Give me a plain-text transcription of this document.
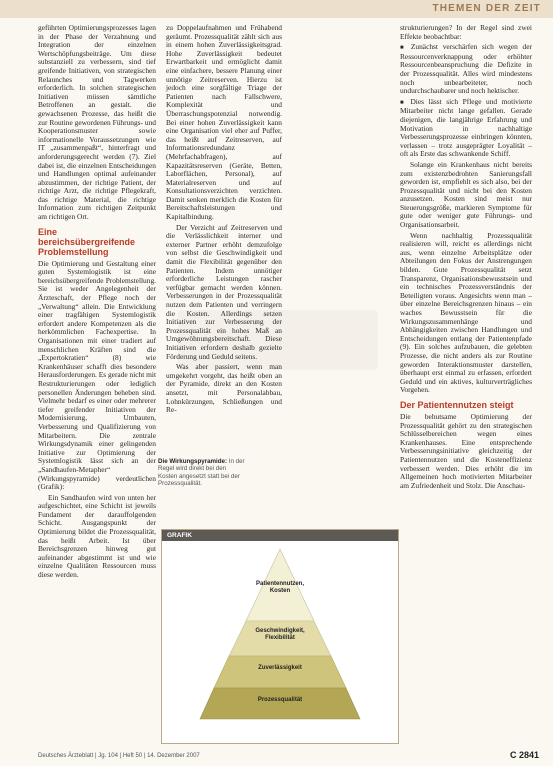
THEMEN DER ZEIT

geführten Optimierungsprozesses lagen in der Phase der Verzahnung und Integration der einzelnen Wertschöpfungsbeiträge. Um diese substanziell zu verbessern, sind tief greifende Initiativen, von strategischen Relaunches und Tagwerken erforderlich. In solchen strategischen Initiativen müssen sämtliche Betroffenen an gestalt. die gewachsenen Prozesse, das heißt die zur Routine gewordenen Führungs- und Kooperationsmuster sowie informationelle Voraussetzungen wie IT „zusammenpaßt“, hinterfragt und anforderungsgerecht werden (7). Ziel dabei ist, die einzelnen Entscheidungen und Handlungen optimal aufeinander abzustimmen, der richtige Patient, der richtige Arzt, die richtige Pflegekraft, das richtige Material, die richtige Information zum richtigen Zeitpunkt am richtigen Ort.

Eine bereichsübergreifende Problemstellung

Die Optimierung und Gestaltung einer guten Systemlogistik ist eine bereichsübergreifende Problemstellung. Sie ist weder Angelegenheit der Ärzteschaft, der Pflege noch der „Verwaltung“ allein. Die Entwicklung einer tragfähigen Systemlogistik erfordert andere Kompetenzen als die herkömmlichen Fachexpertise. In Organisationen mit einer tradiert auf menschlichen Kräften sind die „Expertokratien“ (8) wie Krankenhäuser schafft dies besondere Herausforderungen. Es gerade nicht mit Restrukturierungen oder lediglich personellen Änderungen beheben sind. Vielmehr bedarf es einer oder mehrerer tiefer greifender Initiativen der Modernisierung, Umbauten, Verbesserung und Qualifizierung von Mitarbeitern. Die zentrale Wirkungsdynamik einer gelingenden Initiative zur Optimierung der Systemlogistik lässt sich an der „Sandhaufen-Metapher“ (Wirkungspyramide) verdeutlichen (Grafik):

Ein Sandhaufen wird von unten her aufgeschichtet, eine Schicht ist jeweils Fundament der darauffolgenden Schicht. Ausgangspunkt der Optimierung bildet die Prozessqualität, das heißt Arbeit. Ist über Bereichsgrenzen hinweg gut aufeinander abgestimmt ist und wie einzelne Qualitäten Ressourcen muss diese werden.

zu Doppelaufnahmen und Frühabend geräumt. Prozessqualität zählt sich aus in einem hohen Zuverlässigkeitsgrad. Hohe Zuverlässigkeit bedeutet Erwartbarkeit und ermöglicht damit eine einfachere, bessere Planung einer unnötige Zeitreserven. Hierzu ist jedoch eine sorgfältige Triage der Patienten nach Fallschwere, Komplexität und Überraschungspotenzial notwendig. Bei einer hohen Zuverlässigkeit kann eine Organisation viel eher auf Puffer, das heißt auf Zeitreserven, auf Informationsredundanz (Mehrfachabfragen), auf Kapazitätsreserven (Geräte, Betten, Laborflächen, Personal), auf Materialreserven und auf Konsultationsverzichten verzichten. Damit senken merklich die Kosten für Bereitschaftsleistungen und Kapitalbindung.

Der Verzicht auf Zeitreserven und die Verlässlichkeit interner und externer Partner erhöht demzufolge von selbst die Geschwindigkeit und damit die Flexibilität gegenüber den Patienten. Indem unnötiger erforderliche Leistungen rascher verfügbar gemacht werden können. Verbesserungen in der Prozessqualität nutzen dem Patienten und verringern die Kosten. Allerdings setzen Initiativen zur Verbesserung der Prozessqualität ein hohes Maß an Umgewöhnungsbereitschaft. Diese Initiativen erfordern deshalb gezielte Förderung und Geduld seitens.

Was aber passiert, wenn man umgekehrt vorgeht, das heißt oben an der Pyramide, direkt an den Kosten ansetzt, mit Personalabbau, Lohnkürzungen, Schließungen und Re-

strukturierungen? In der Regel sind zwei Effekte beobachtbar:

■ Zunächst verschärfen sich wegen der Ressourcenverknappung oder erhöhter Ressourcenbeanspruchung die Defizite in der Prozessqualität. Alles wird mindestens noch unbearbeiteter, noch undurchschaubarer und noch hektischer.

■ Dies lässt sich Pflege und motivierte Mitarbeiter nicht lange gefallen. Gerade diejenigen, die langjährige Erfahrung und Motivation in nachhaltige Verbesserungsprozesse einbringen könnten, verlassen – trotz ausgeprägter Loyalität – oft als Erste das schwankende Schiff.

Solange ein Krankenhaus nicht bereits zum existenzbedrohten Sanierungsfall geworden ist, empfiehlt es sich also, bei der Prozessqualität und nicht bei den Kosten anzusetzen. Kosten sind meist nur Steuerungsgröße, markieren Symptome für gute oder weniger gute Führungs- und Organisationsarbeit.

Wenn nachhaltig Prozessqualität realisieren will, reicht es allerdings nicht aus, wenn einzelne Arbeitsplätze oder Abteilungen den Fokus der Anstrengungen bilden. Gute Prozessqualität setzt Transparenz, Organisationsbewusstsein und ein technisches Prozessverständnis der Beteiligten voraus. Angesichts wenn man – über einzelne Bereichsgrenzen hinaus – ein waches Bewusstsein für die Wirkungszusammenhänge und Abhängigkeiten zwischen Handlungen und Entscheidungen entlang der Patientenpfade (9). Ein solches aufzubauen, die gelebten Prozesse, die nicht anders als zur Routine geworden Interaktionsmuster darstellen, überhaupt erst einmal zu erfassen, erfordert Geduld und ein aktives, kulturverträgliches Vorgehen.

Der Patientennutzen steigt

Die behutsame Optimierung der Prozessqualität gehört zu den strategischen Schlüsselbereichen wegen eines Krankenhauses. Eine entsprechende Verbesserungsinitiative gleichzeitig der Patientennutzen und die Kosteneffizienz verbessert werden. Dies erhöht die im Allgemeinen hoch motivierten Mitarbeiter am Zufriedenheit und Stolz. Die Anschau-

Die Wirkungspyramide: In der Regel wird direkt bei den Kosten angesetzt statt bei der Prozessqualität.
GRAFIK
Patientennutzen, Kosten
Geschwindigkeit, Flexibilität
Zuverlässigkeit
Prozessqualität
Deutsches Ärzteblatt | Jg. 104 | Heft 50 | 14. Dezember 2007	C 2841
